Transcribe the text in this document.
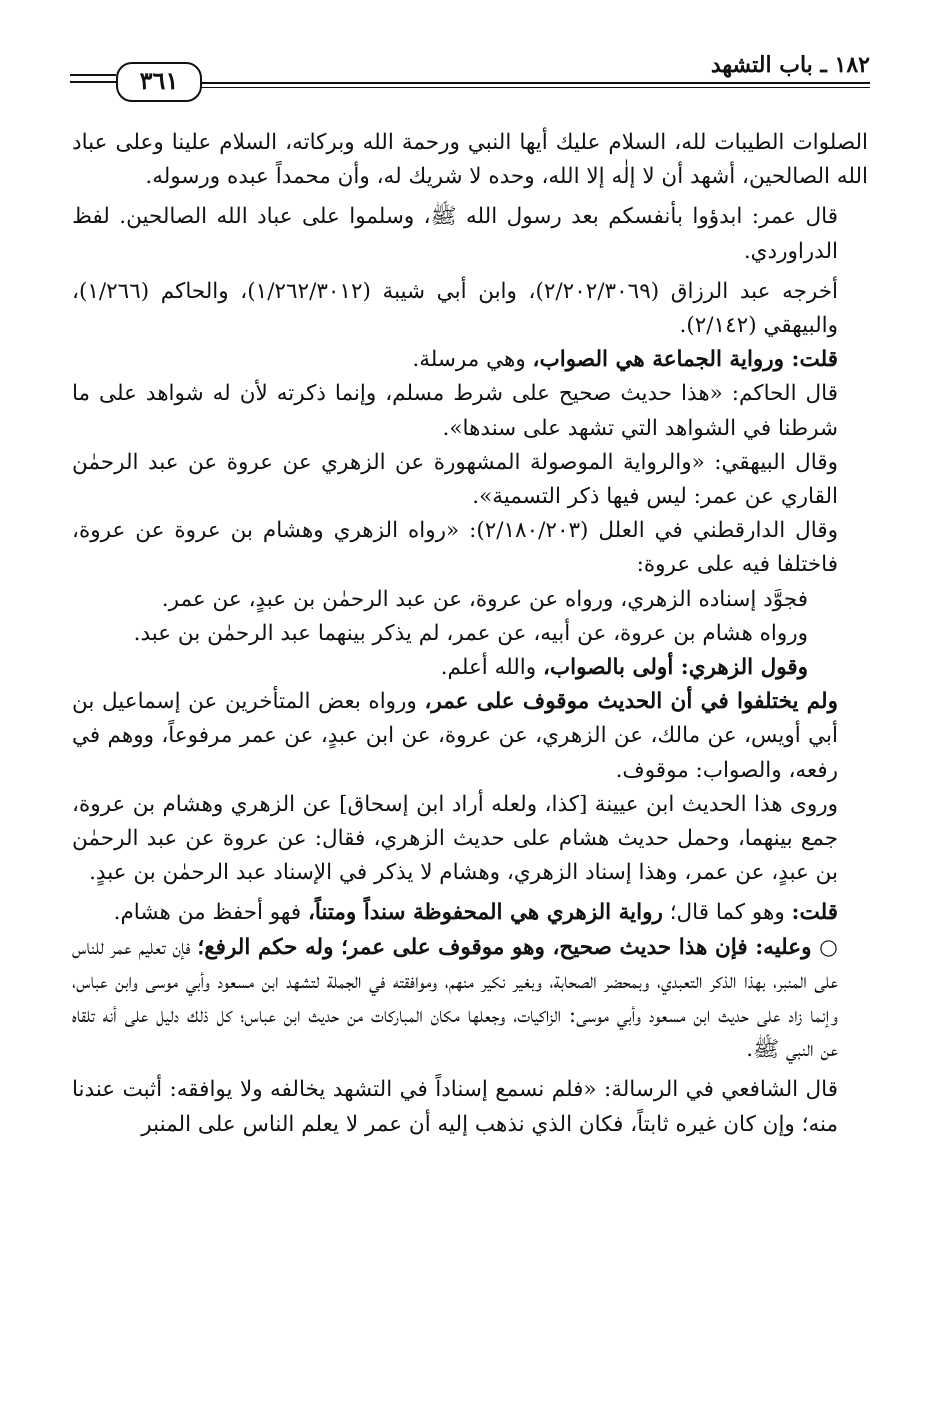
١٨٢ ـ باب التشهد
٣٦١

الصلوات الطيبات لله، السلام عليك أيها النبي ورحمة الله وبركاته، السلام علينا وعلى عباد الله الصالحين، أشهد أن لا إلٰه إلا الله، وحده لا شريك له، وأن محمداً عبده ورسوله.

قال عمر: ابدؤوا بأنفسكم بعد رسول الله ﷺ، وسلموا على عباد الله الصالحين. لفظ الدراوردي.

أخرجه عبد الرزاق (٢/٢٠٢/٣٠٦٩)، وابن أبي شيبة (١/٢٦٢/٣٠١٢)، والحاكم (١/٢٦٦)، والبيهقي (٢/١٤٢).

قلت: ورواية الجماعة هي الصواب، وهي مرسلة.

قال الحاكم: «هذا حديث صحيح على شرط مسلم، وإنما ذكرته لأن له شواهد على ما شرطنا في الشواهد التي تشهد على سندها».

وقال البيهقي: «والرواية الموصولة المشهورة عن الزهري عن عروة عن عبد الرحمٰن القاري عن عمر: ليس فيها ذكر التسمية».

وقال الدارقطني في العلل (٢/١٨٠/٢٠٣): «رواه الزهري وهشام بن عروة عن عروة، فاختلفا فيه على عروة:

فجوَّد إسناده الزهري، ورواه عن عروة، عن عبد الرحمٰن بن عبدٍ، عن عمر.

ورواه هشام بن عروة، عن أبيه، عن عمر، لم يذكر بينهما عبد الرحمٰن بن عبد.

وقول الزهري: أولى بالصواب، والله أعلم.

ولم يختلفوا في أن الحديث موقوف على عمر، ورواه بعض المتأخرين عن إسماعيل بن أبي أويس، عن مالك، عن الزهري، عن عروة، عن ابن عبدٍ، عن عمر مرفوعاً، ووهم في رفعه، والصواب: موقوف.

وروى هذا الحديث ابن عيينة [كذا، ولعله أراد ابن إسحاق] عن الزهري وهشام بن عروة، جمع بينهما، وحمل حديث هشام على حديث الزهري، فقال: عن عروة عن عبد الرحمٰن بن عبدٍ، عن عمر، وهذا إسناد الزهري، وهشام لا يذكر في الإسناد عبد الرحمٰن بن عبدٍ.

قلت: وهو كما قال؛ رواية الزهري هي المحفوظة سنداً ومتناً، فهو أحفظ من هشام.

○ وعليه: فإن هذا حديث صحيح، وهو موقوف على عمر؛ وله حكم الرفع؛ فإن تعليم عمر للناس على المنبر، بهذا الذكر التعبدي، وبمحضر الصحابة، وبغير نكير منهم، وموافقته في الجملة لتشهد ابن مسعود وأبي موسى وابن عباس، وإنما زاد على حديث ابن مسعود وأبي موسى: الزاكيات، وجعلها مكان المباركات من حديث ابن عباس؛ كل ذلك دليل على أنه تلقاه عن النبي ﷺ.

قال الشافعي في الرسالة: «فلم نسمع إسناداً في التشهد يخالفه ولا يوافقه: أثبت عندنا منه؛ وإن كان غيره ثابتاً، فكان الذي نذهب إليه أن عمر لا يعلم الناس على المنبر
